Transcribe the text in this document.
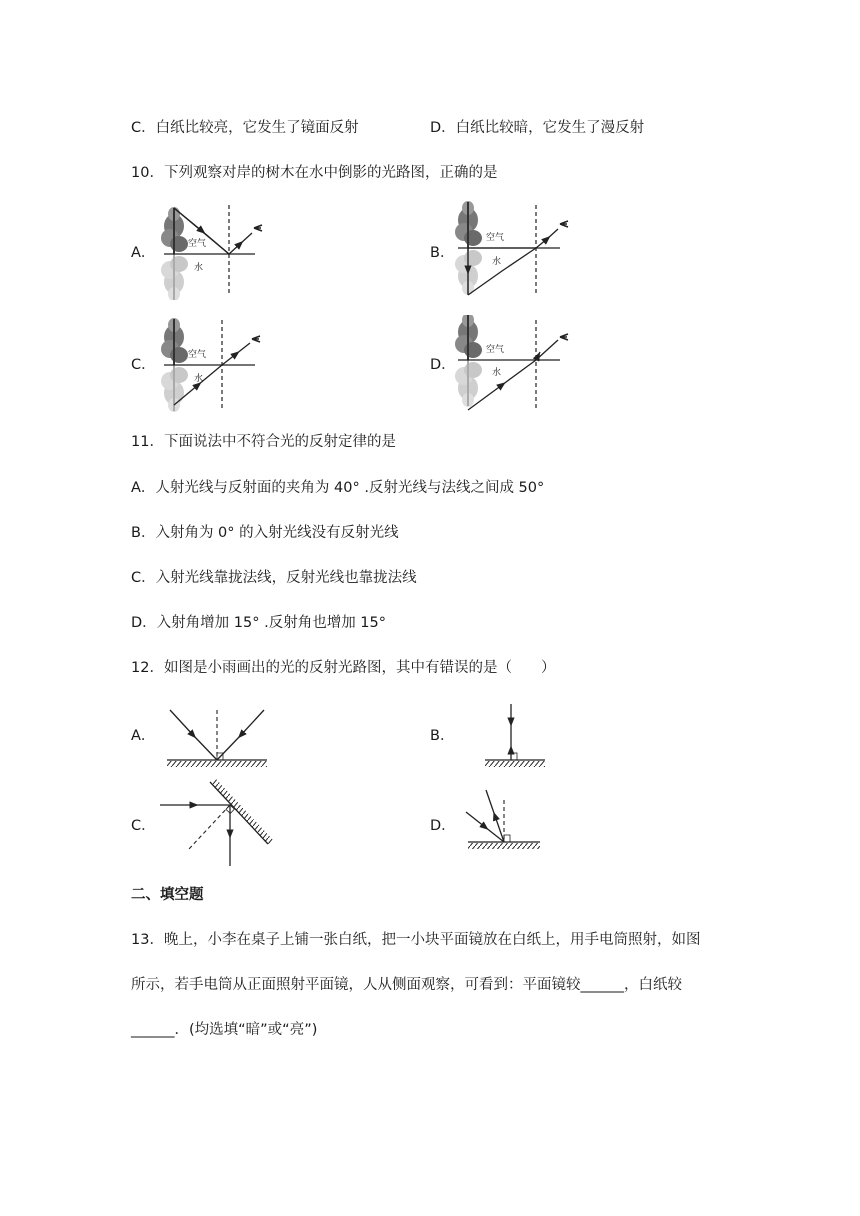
C．白纸比较亮，它发生了镜面反射	D．白纸比较暗，它发生了漫反射
10．下列观察对岸的树木在水中倒影的光路图，正确的是
A．
空气
水
B．
空气
水
C．
空气
水
D．
空气
水
11．下面说法中不符合光的反射定律的是
A．人射光线与反射面的夹角为 40° .反射光线与法线之间成 50°
B．入射角为 0° 的入射光线没有反射光线
C．入射光线靠拢法线，反射光线也靠拢法线
D．入射角增加 15° .反射角也增加 15°
12．如图是小雨画出的光的反射光路图，其中有错误的是（　　）
A．	B．
C．	D．
二、填空题
13．晚上，小李在桌子上铺一张白纸，把一小块平面镜放在白纸上，用手电筒照射，如图
所示，若手电筒从正面照射平面镜，人从侧面观察，可看到：平面镜较______，白纸较
______．(均选填“暗”或“亮”)
